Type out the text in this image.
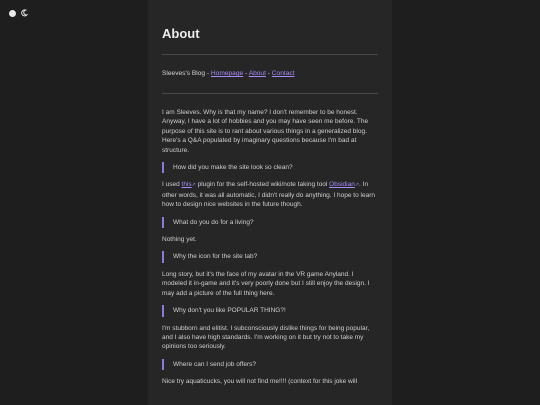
About
Sleeves's Blog - Homepage - About - Contact

I am Sleeves. Why is that my name? I don't remember to be honest. Anyway, I have a lot of hobbies and you may have seen me before. The purpose of this site is to rant about various things in a generalized blog.
Here's a Q&A populated by imaginary questions because I'm bad at structure.

How did you make the site look so clean?

I used this↗ plugin for the self-hosted wiki/note taking tool Obsidian↗. In other words, it was all automatic, I didn't really do anything. I hope to learn how to design nice websites in the future though.

What do you do for a living?

Nothing yet.

Why the icon for the site tab?

Long story, but it's the face of my avatar in the VR game Anyland. I modeled it in-game and it's very poorly done but I still enjoy the design. I may add a picture of the full thing here.

Why don't you like POPULAR THING?!

I'm stubborn and elitist. I subconsciously dislike things for being popular, and I also have high standards. I'm working on it but try not to take my opinions too seriously.

Where can I send job offers?

Nice try aquaticucks, you will not find me!!!! (context for this joke will
